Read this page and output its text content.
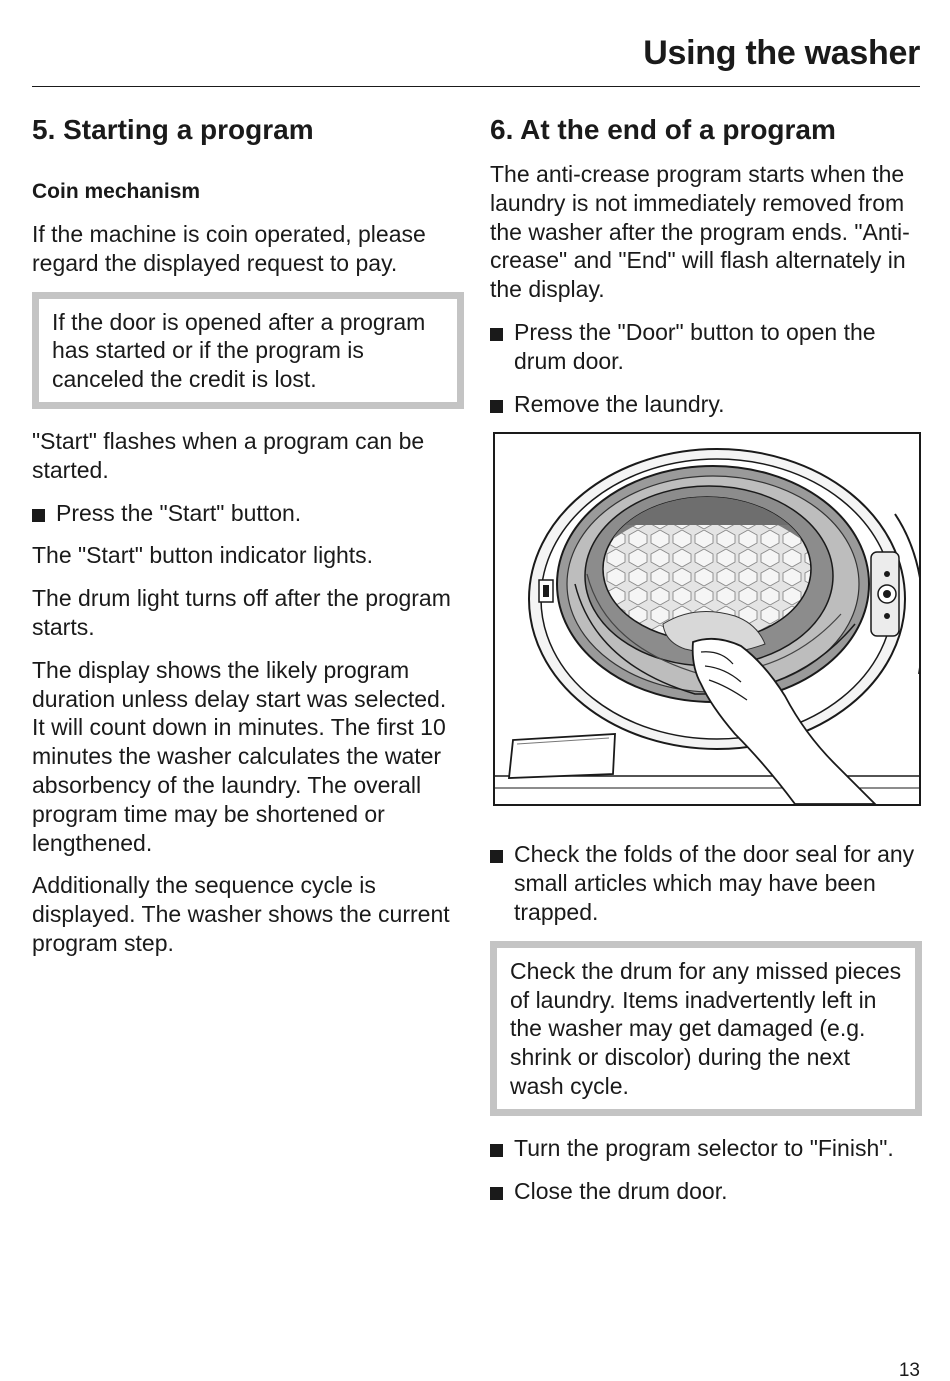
Using the washer
5. Starting a program
Coin mechanism

If the machine is coin operated, please regard the displayed request to pay.

If the door is opened after a program has started or if the program is canceled the credit is lost.

"Start" flashes when a program can be started.

Press the "Start" button.

The "Start" button indicator lights.

The drum light turns off after the program starts.

The display shows the likely program duration unless delay start was selected. It will count down in minutes. The first 10 minutes the washer calculates the water absorbency of the laundry. The overall program time may be shortened or lengthened.

Additionally the sequence cycle is displayed. The washer shows the current program step.

6. At the end of a program

The anti-crease program starts when the laundry is not immediately removed from the washer after the program ends. "Anti-crease" and "End" will flash alternately in the display.

Press the "Door" button to open the drum door.
Remove the laundry.
Check the folds of the door seal for any small articles which may have been trapped.

Check the drum for any missed pieces of laundry. Items inadvertently left in the washer may get damaged (e.g. shrink or discolor) during the next wash cycle.

Turn the program selector to "Finish".
Close the drum door.
13
